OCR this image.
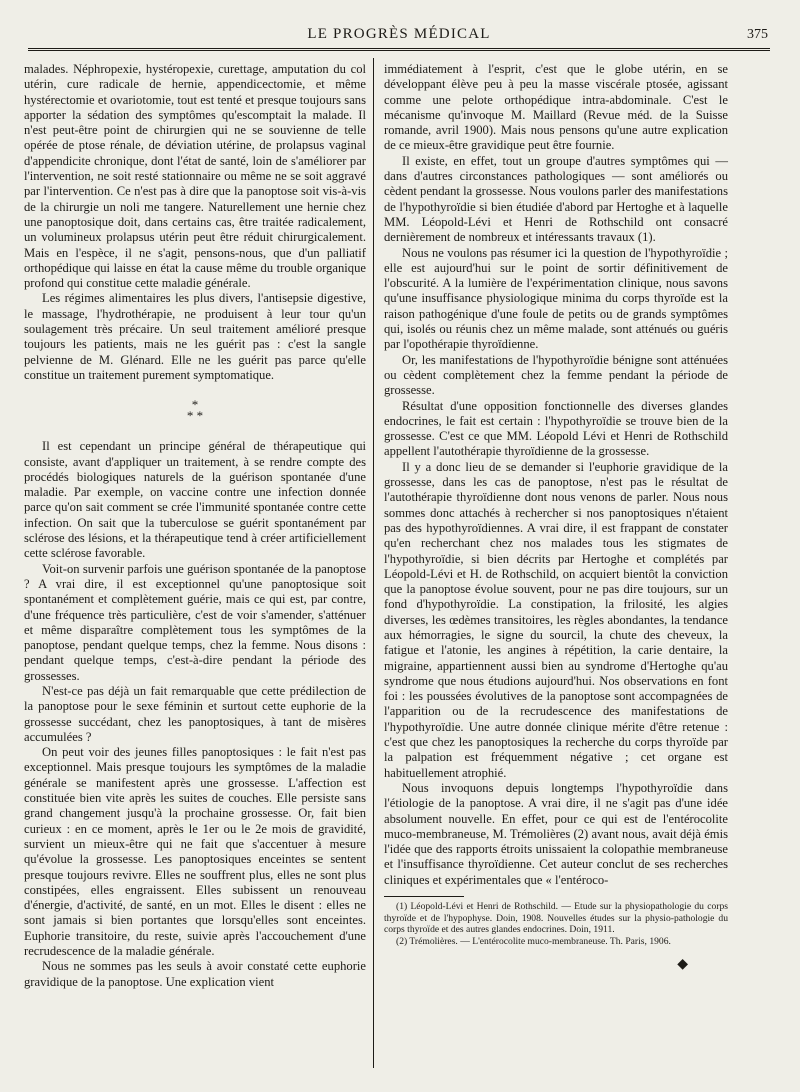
LE PROGRÈS MÉDICAL	375

malades. Néphropexie, hystéropexie, curettage, amputation du col utérin, cure radicale de hernie, appendicectomie, et même hystérectomie et ovariotomie, tout est tenté et presque toujours sans apporter la sédation des symptômes qu'escomptait la malade. Il n'est peut-être point de chirurgien qui ne se souvienne de telle opérée de ptose rénale, de déviation utérine, de prolapsus vaginal d'appendicite chronique, dont l'état de santé, loin de s'améliorer par l'intervention, ne soit resté stationnaire ou même ne se soit aggravé par l'intervention. Ce n'est pas à dire que la panoptose soit vis-à-vis de la chirurgie un noli me tangere. Naturellement une hernie chez une panoptosique doit, dans certains cas, être traitée radicalement, un volumineux prolapsus utérin peut être réduit chirurgicalement. Mais en l'espèce, il ne s'agit, pensons-nous, que d'un palliatif orthopédique qui laisse en état la cause même du trouble organique profond qui constitue cette maladie générale.

Les régimes alimentaires les plus divers, l'antisepsie digestive, le massage, l'hydrothérapie, ne produisent à leur tour qu'un soulagement très précaire. Un seul traitement amélioré presque toujours les patients, mais ne les guérit pas : c'est la sangle pelvienne de M. Glénard. Elle ne les guérit pas parce qu'elle constitue un traitement purement symptomatique.

*
* *

Il est cependant un principe général de thérapeutique qui consiste, avant d'appliquer un traitement, à se rendre compte des procédés biologiques naturels de la guérison spontanée d'une maladie. Par exemple, on vaccine contre une infection donnée parce qu'on sait comment se crée l'immunité spontanée contre cette infection. On sait que la tuberculose se guérit spontanément par sclérose des lésions, et la thérapeutique tend à créer artificiellement cette sclérose favorable.

Voit-on survenir parfois une guérison spontanée de la panoptose ? A vrai dire, il est exceptionnel qu'une panoptosique soit spontanément et complètement guérie, mais ce qui est, par contre, d'une fréquence très particulière, c'est de voir s'amender, s'atténuer et même disparaître complètement tous les symptômes de la panoptose, pendant quelque temps, chez la femme. Nous disons : pendant quelque temps, c'est-à-dire pendant la période des grossesses.

N'est-ce pas déjà un fait remarquable que cette prédilection de la panoptose pour le sexe féminin et surtout cette euphorie de la grossesse succédant, chez les panoptosiques, à tant de misères accumulées ?

On peut voir des jeunes filles panoptosiques : le fait n'est pas exceptionnel. Mais presque toujours les symptômes de la maladie générale se manifestent après une grossesse. L'affection est constituée bien vite après les suites de couches. Elle persiste sans grand changement jusqu'à la prochaine grossesse. Or, fait bien curieux : en ce moment, après le 1er ou le 2e mois de gravidité, survient un mieux-être qui ne fait que s'accentuer à mesure qu'évolue la grossesse. Les panoptosiques enceintes se sentent presque toujours revivre. Elles ne souffrent plus, elles ne sont plus constipées, elles engraissent. Elles subissent un renouveau d'énergie, d'activité, de santé, en un mot. Elles le disent : elles ne sont jamais si bien portantes que lorsqu'elles sont enceintes. Euphorie transitoire, du reste, suivie après l'accouchement d'une recrudescence de la maladie générale.

Nous ne sommes pas les seuls à avoir constaté cette euphorie gravidique de la panoptose. Une explication vient

immédiatement à l'esprit, c'est que le globe utérin, en se développant élève peu à peu la masse viscérale ptosée, agissant comme une pelote orthopédique intra-abdominale. C'est le mécanisme qu'invoque M. Maillard (Revue méd. de la Suisse romande, avril 1900). Mais nous pensons qu'une autre explication de ce mieux-être gravidique peut être fournie.

Il existe, en effet, tout un groupe d'autres symptômes qui — dans d'autres circonstances pathologiques — sont améliorés ou cèdent pendant la grossesse. Nous voulons parler des manifestations de l'hypothyroïdie si bien étudiée d'abord par Hertoghe et à laquelle MM. Léopold-Lévi et Henri de Rothschild ont consacré dernièrement de nombreux et intéressants travaux (1).

Nous ne voulons pas résumer ici la question de l'hypothyroïdie ; elle est aujourd'hui sur le point de sortir définitivement de l'obscurité. A la lumière de l'expérimentation clinique, nous savons qu'une insuffisance physiologique minima du corps thyroïde est la raison pathogénique d'une foule de petits ou de grands symptômes qui, isolés ou réunis chez un même malade, sont atténués ou guéris par l'opothérapie thyroïdienne.

Or, les manifestations de l'hypothyroïdie bénigne sont atténuées ou cèdent complètement chez la femme pendant la période de grossesse.

Résultat d'une opposition fonctionnelle des diverses glandes endocrines, le fait est certain : l'hypothyroïdie se trouve bien de la grossesse. C'est ce que MM. Léopold Lévi et Henri de Rothschild appellent l'autothérapie thyroïdienne de la grossesse.

Il y a donc lieu de se demander si l'euphorie gravidique de la grossesse, dans les cas de panoptose, n'est pas le résultat de l'autothérapie thyroïdienne dont nous venons de parler. Nous nous sommes donc attachés à rechercher si nos panoptosiques n'étaient pas des hypothyroïdiennes. A vrai dire, il est frappant de constater qu'en recherchant chez nos malades tous les stigmates de l'hypothyroïdie, si bien décrits par Hertoghe et complétés par Léopold-Lévi et H. de Rothschild, on acquiert bientôt la conviction que la panoptose évolue souvent, pour ne pas dire toujours, sur un fond d'hypothyroïdie. La constipation, la frilosité, les algies diverses, les œdèmes transitoires, les règles abondantes, la tendance aux hémorragies, le signe du sourcil, la chute des cheveux, la fatigue et l'atonie, les angines à répétition, la carie dentaire, la migraine, appartiennent aussi bien au syndrome d'Hertoghe qu'au syndrome que nous étudions aujourd'hui. Nos observations en font foi : les poussées évolutives de la panoptose sont accompagnées de l'apparition ou de la recrudescence des manifestations de l'hypothyroïdie. Une autre donnée clinique mérite d'être retenue : c'est que chez les panoptosiques la recherche du corps thyroïde par la palpation est fréquemment négative ; cet organe est habituellement atrophié.

Nous invoquons depuis longtemps l'hypothyroïdie dans l'étiologie de la panoptose. A vrai dire, il ne s'agit pas d'une idée absolument nouvelle. En effet, pour ce qui est de l'entérocolite muco-membraneuse, M. Trémolières (2) avant nous, avait déjà émis l'idée que des rapports étroits unissaient la colopathie membraneuse et l'insuffisance thyroïdienne. Cet auteur conclut de ses recherches cliniques et expérimentales que « l'entéroco-

(1) Léopold-Lévi et Henri de Rothschild. — Etude sur la physiopathologie du corps thyroïde et de l'hypophyse. Doin, 1908. Nouvelles études sur la physio-pathologie du corps thyroïde et des autres glandes endocrines. Doin, 1911.

(2) Trémolières. — L'entérocolite muco-membraneuse. Th. Paris, 1906.

◆
